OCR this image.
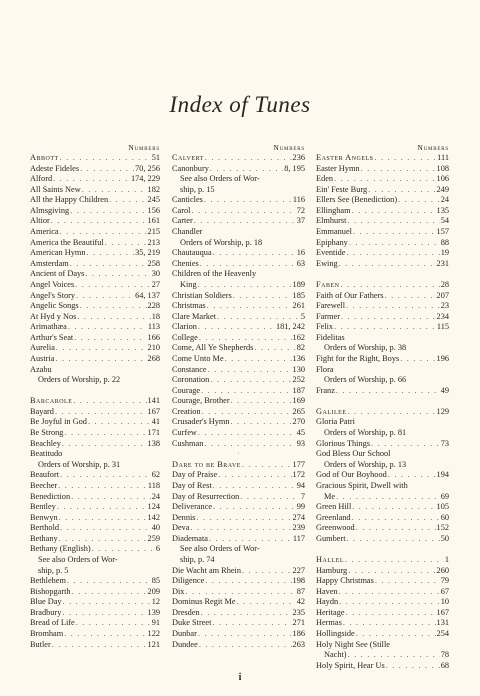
Index of Tunes
Numbers
Abbott . . .	51
Adeste Fideles . . .	70, 256
Alford . . .	174, 229
All Saints New . . .	182
All the Happy Children . . .	245
Almsgiving . . .	156
Altior . . .	161
America . . .	215
America the Beautiful . . .	213
American Hymn . . .	35, 219
Amsterdam . . .	258
Ancient of Days . . .	30
Angel Voices . . .	27
Angel's Story . . .	64, 137
Angelic Songs . . .	228
At Hyd y Nos . . .	18
Arimathæa . . .	113
Arthur's Seat . . .	166
Aurelia . . .	210
Austria . . .	268
Azabu
Orders of Worship, p. 22
Barcarole . . .	141
Bayard . . .	167
Be Joyful in God . . .	41
Be Strong . . .	171
Beachley . . .	138
Beatitudo
Orders of Worship, p. 31
Beaufort . . .	62
Beecher . . .	118
Benediction . . .	24
Bentley . . .	124
Benwyn . . .	142
Berthold . . .	40
Bethany . . .	259
Bethany (English) . . .	6
See also Orders of Wor-
ship, p. 5
Bethlehem . . .	85
Bishopgarth . . .	209
Blue Day . . .	12
Bradbury . . .	139
Bread of Life . . .	91
Bromham . . .	122
Butler . . .	121
Numbers
Calvert . . .	236
Canonbury . . .	8, 195
See also Orders of Wor-
ship, p. 15
Canticles . . .	116
Carol . . .	72
Carter . . .	37
Chandler
Orders of Worship, p. 18
Chautauqua . . .	16
Chenies . . .	63
Children of the Heavenly
King . . .	189
Christian Soldiers . . .	185
Christmas . . .	261
Clare Market . . .	5
Clarion . . .	181, 242
College . . .	162
Come, All Ye Shepherds . . .	82
Come Unto Me . . .	136
Constance . . .	130
Coronation . . .	252
Courage . . .	187
Courage, Brother . . .	169
Creation . . .	265
Crusader's Hymn . . .	270
Curfew . . .	45
Cushman . . .	93
·
Dare to be Brave . . .	177
Day of Praise . . .	172
Day of Rest . . .	94
Day of Resurrection . . .	7
Deliverance . . .	99
Dennis . . .	274
Deva . . .	239
Diademata . . .	117
See also Orders of Wor-
ship, p. 74
Die Wacht am Rhein . . .	227
Diligence . . .	198
Dix . . .	87
Dominus Regit Me . . .	42
Dresden . . .	235
Duke Street . . .	271
Dunbar . . .	186
Dundee . . .	263
Numbers
Easter Angels . . .	111
Easter Hymn . . .	108
Eden . . .	106
Ein' Feste Burg . . .	249
Ellers See (Benediction) . . .	24
Ellingham . . .	135
Elmhurst . . .	54
Emmanuel . . .	157
Epiphany . . .	88
Eventide . . .	19
Ewing . . .	231
Faben . . .	28
Faith of Our Fathers . . .	207
Farewell . . .	23
Farmer . . .	234
Felix . . .	115
Fidelitas
Orders of Worship, p. 38
Fight for the Right, Boys . . .	196
Flora
Orders of Worship, p. 66
Franz . . .	49
Galilee . . .	129
Gloria Patri
Orders of Worship, p. 81
Glorious Things . . .	73
God Bless Our School
Orders of Worship, p. 13
God of Our Boyhood . . .	194
Gracious Spirit, Dwell with
Me . . .	69
Green Hill . . .	105
Greenland . . .	60
Greenwood . . .	152
Gumbert . . .	50
Hallel . . .	1
Hamburg . . .	260
Happy Christmas . . .	79
Haven . . .	67
Haydn . . .	10
Heritage . . .	167
Hermas . . .	131
Hollingside . . .	254
Holy Night See (Stille
Nacht) . . .	78
Holy Spirit, Hear Us . . .	68
i
